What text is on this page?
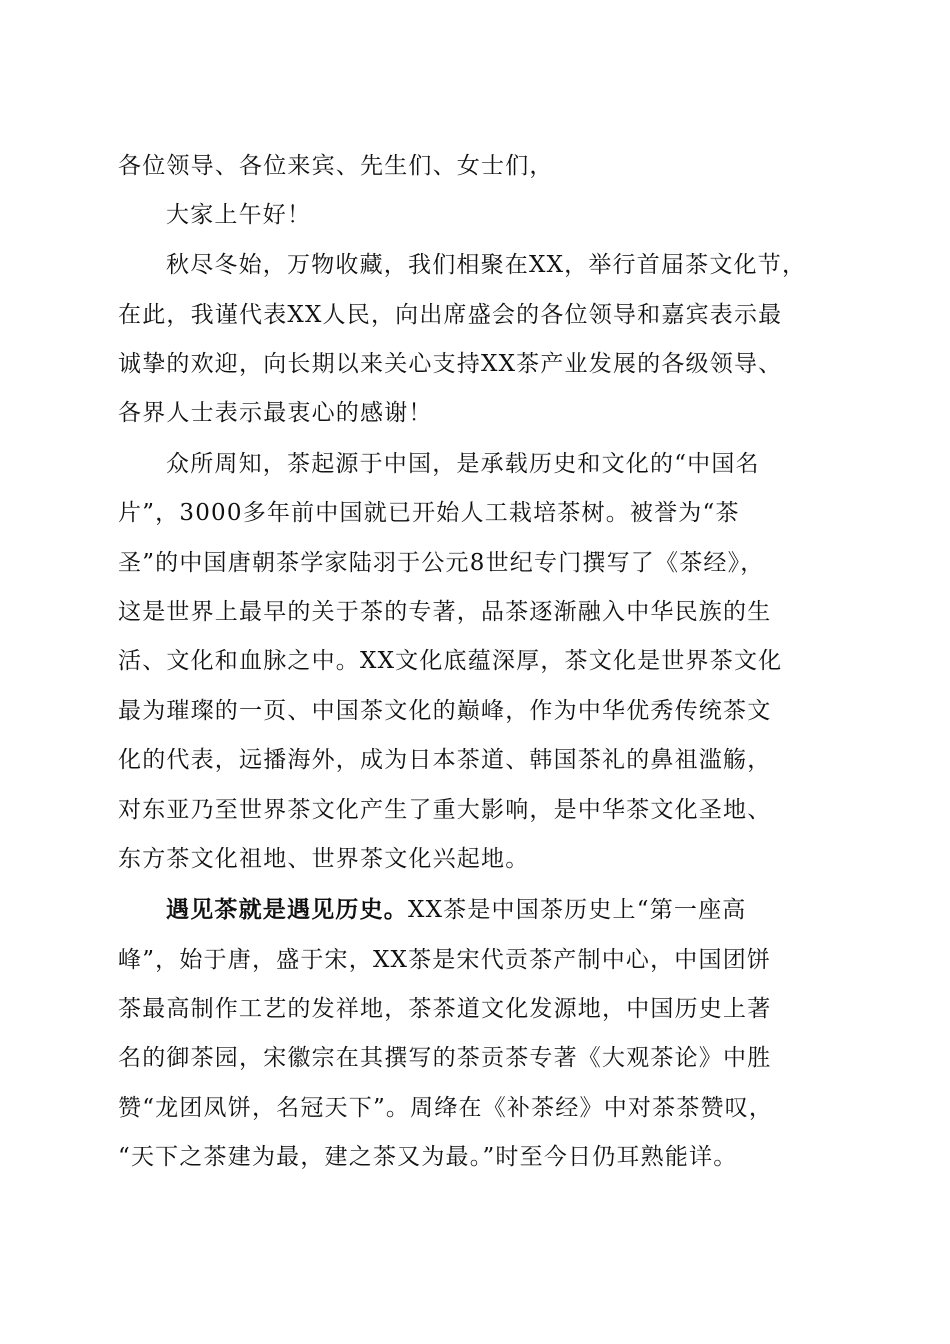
各位领导、各位来宾、先生们、女士们，
大家上午好！
秋尽冬始，万物收藏，我们相聚在XX，举行首届茶文化节，
在此，我谨代表XX人民，向出席盛会的各位领导和嘉宾表示最
诚挚的欢迎，向长期以来关心支持XX茶产业发展的各级领导、
各界人士表示最衷心的感谢！
众所周知，茶起源于中国，是承载历史和文化的“中国名
片”，3000多年前中国就已开始人工栽培茶树。被誉为“茶
圣”的中国唐朝茶学家陆羽于公元8世纪专门撰写了《茶经》，
这是世界上最早的关于茶的专著，品茶逐渐融入中华民族的生
活、文化和血脉之中。XX文化底蕴深厚，茶文化是世界茶文化
最为璀璨的一页、中国茶文化的巅峰，作为中华优秀传统茶文
化的代表，远播海外，成为日本茶道、韩国茶礼的鼻祖滥觞，
对东亚乃至世界茶文化产生了重大影响，是中华茶文化圣地、
东方茶文化祖地、世界茶文化兴起地。
遇见茶就是遇见历史。XX茶是中国茶历史上“第一座高
峰”，始于唐，盛于宋，XX茶是宋代贡茶产制中心，中国团饼
茶最高制作工艺的发祥地，茶茶道文化发源地，中国历史上著
名的御茶园，宋徽宗在其撰写的茶贡茶专著《大观茶论》中胜
赞“龙团凤饼，名冠天下”。周绛在《补茶经》中对茶茶赞叹，
“天下之茶建为最，建之茶又为最。”时至今日仍耳熟能详。
